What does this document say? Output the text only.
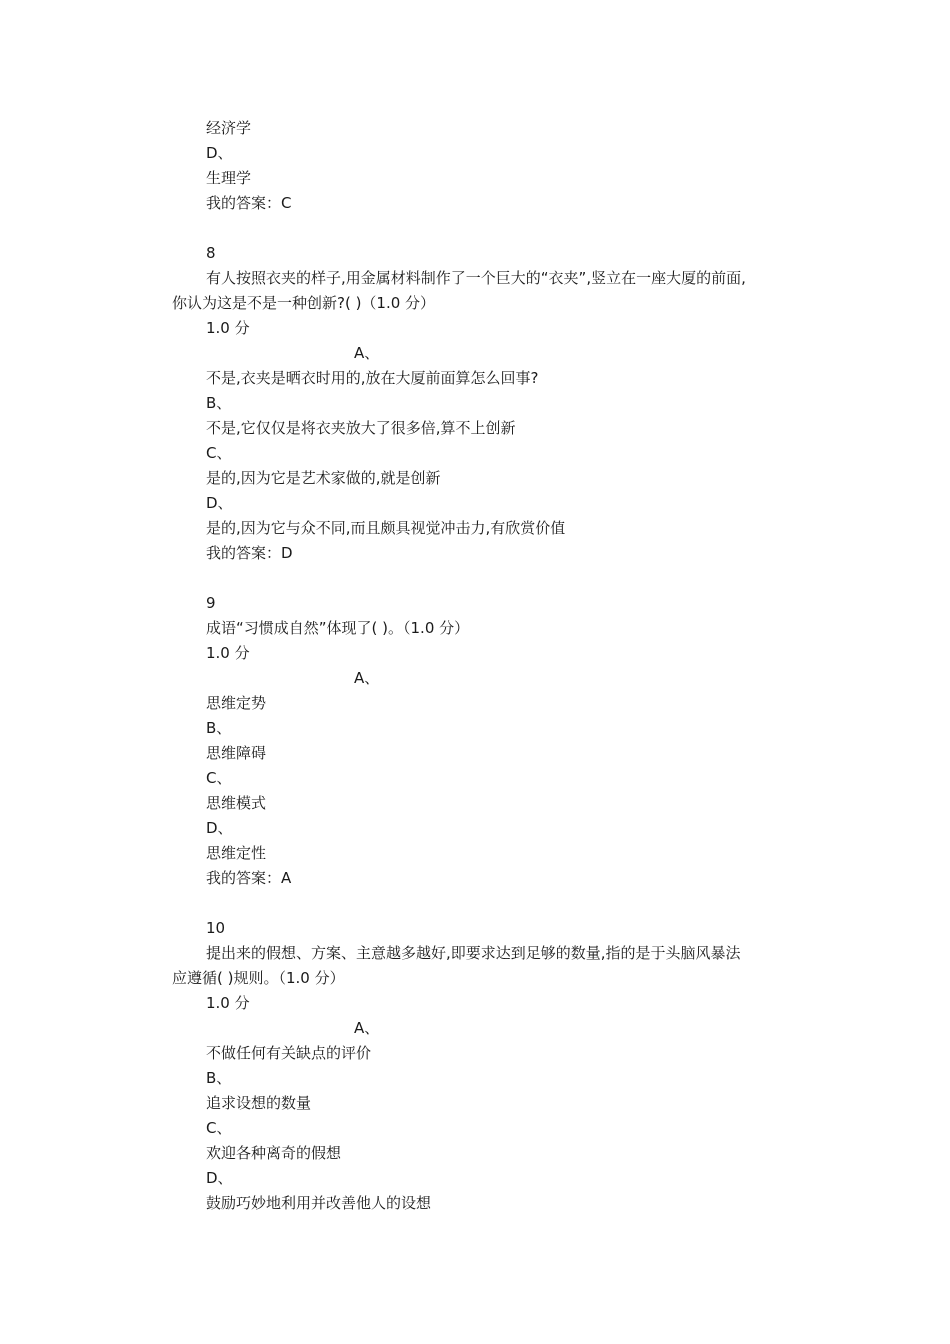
经济学
D、
生理学
我的答案：C
8
有人按照衣夹的样子,用金属材料制作了一个巨大的“衣夹”,竖立在一座大厦的前面,
你认为这是不是一种创新?( )（1.0 分）
1.0 分
A、
不是,衣夹是晒衣时用的,放在大厦前面算怎么回事?
B、
不是,它仅仅是将衣夹放大了很多倍,算不上创新
C、
是的,因为它是艺术家做的,就是创新
D、
是的,因为它与众不同,而且颇具视觉冲击力,有欣赏价值
我的答案：D
9
成语“习惯成自然”体现了( )。（1.0 分）
1.0 分
A、
思维定势
B、
思维障碍
C、
思维模式
D、
思维定性
我的答案：A
10
提出来的假想、方案、主意越多越好,即要求达到足够的数量,指的是于头脑风暴法
应遵循( )规则。（1.0 分）
1.0 分
A、
不做任何有关缺点的评价
B、
追求设想的数量
C、
欢迎各种离奇的假想
D、
鼓励巧妙地利用并改善他人的设想
